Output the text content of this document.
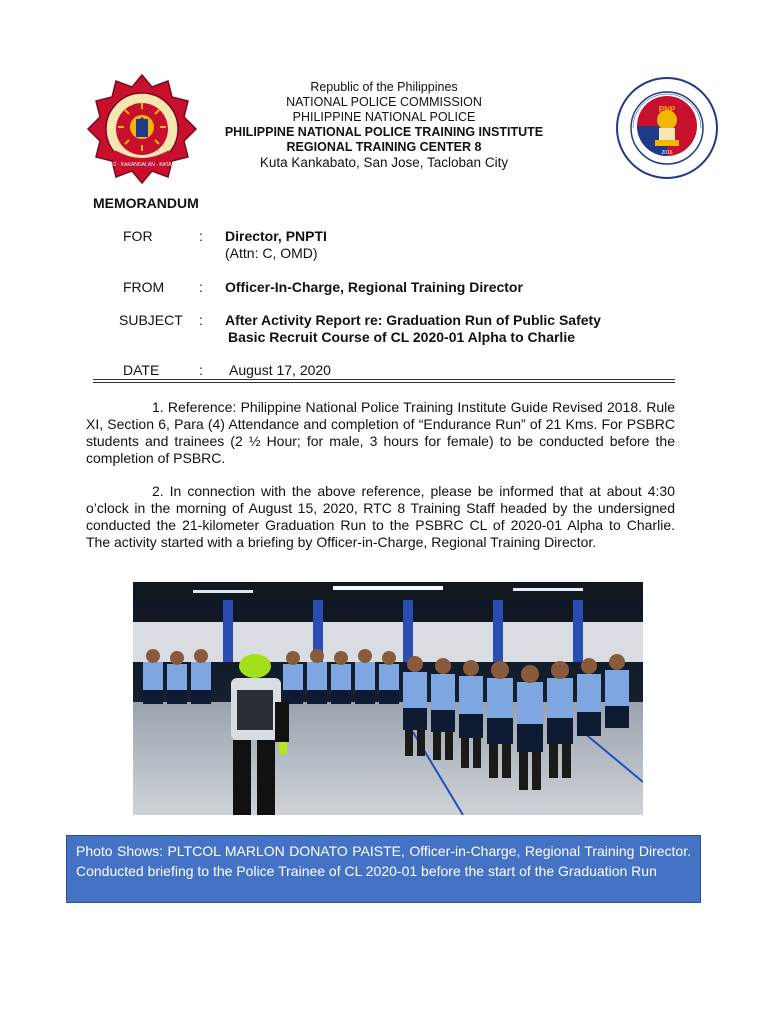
SERBISYO · KARANGALAN · KATARUNGAN
Republic of the Philippines
NATIONAL POLICE COMMISSION
PHILIPPINE NATIONAL POLICE
PHILIPPINE NATIONAL POLICE TRAINING INSTITUTE
REGIONAL TRAINING CENTER 8
Kuta Kankabato, San Jose, Tacloban City
PNP
2016
MEMORANDUM
FOR	: Director, PNPTI
(Attn: C, OMD)
FROM : Officer-In-Charge, Regional Training Director
SUBJECT : After Activity Report re: Graduation Run of Public Safety
Basic Recruit Course of CL 2020-01 Alpha to Charlie
DATE	: August 17, 2020
1. Reference: Philippine National Police Training Institute Guide Revised 2018. Rule XI, Section 6, Para (4) Attendance and completion of “Endurance Run” of 21 Kms. For PSBRC students and trainees (2 ½ Hour; for male, 3 hours for female) to be conducted before the completion of PSBRC.
2. In connection with the above reference, please be informed that at about 4:30 o’clock in the morning of August 15, 2020, RTC 8 Training Staff headed by the undersigned conducted the 21-kilometer Graduation Run to the PSBRC CL of 2020-01 Alpha to Charlie. The activity started with a briefing by Officer-in-Charge, Regional Training Director.
Photo Shows: PLTCOL MARLON DONATO PAISTE, Officer-in-Charge, Regional Training Director. Conducted briefing to the Police Trainee of CL 2020-01 before the start of the Graduation Run
